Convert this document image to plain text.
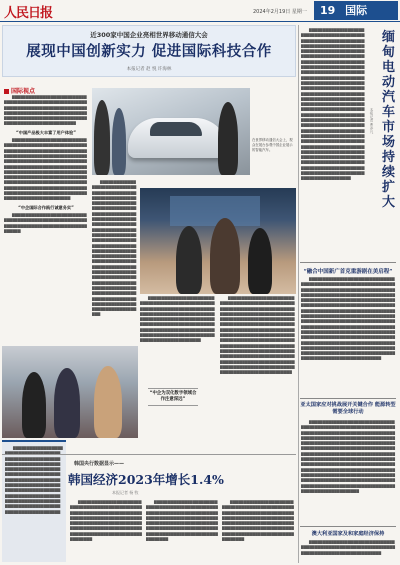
人民日报	2024年2月19日 星期一	19 国际
近300家中国企业亮相世界移动通信大会
展现中国创新实力 促进国际科技合作
本报记者 赵 悦 许海林
国际视点

▇▇▇▇▇▇▇▇▇▇▇▇▇▇▇▇▇▇▇▇▇▇▇▇▇▇▇▇▇▇▇▇▇▇▇▇▇▇▇▇▇▇▇▇▇▇▇▇▇▇▇▇▇▇▇▇▇▇▇▇▇▇▇▇▇▇▇▇▇▇▇▇▇▇▇▇▇▇▇▇▇▇▇▇▇▇▇▇▇▇▇▇▇▇▇▇▇▇▇▇▇▇▇▇▇▇▇▇▇▇▇▇▇▇▇▇▇▇▇▇▇▇▇▇▇▇▇▇▇▇▇▇▇▇▇▇▇▇▇▇▇▇▇▇▇▇▇▇▇▇▇▇▇▇▇▇▇▇▇▇▇▇▇▇▇▇▇▇▇▇▇▇▇

“中国产品极大丰富了用户体验”

▇▇▇▇▇▇▇▇▇▇▇▇▇▇▇▇▇▇▇▇▇▇▇▇▇▇▇▇▇▇▇▇▇▇▇▇▇▇▇▇▇▇▇▇▇▇▇▇▇▇▇▇▇▇▇▇▇▇▇▇▇▇▇▇▇▇▇▇▇▇▇▇▇▇▇▇▇▇▇▇▇▇▇▇▇▇▇▇▇▇▇▇▇▇▇▇▇▇▇▇▇▇▇▇▇▇▇▇▇▇▇▇▇▇▇▇▇▇▇▇▇▇▇▇▇▇▇▇▇▇▇▇▇▇▇▇▇▇▇▇▇▇▇▇▇▇▇▇▇▇▇▇▇▇▇▇▇▇▇▇▇▇▇▇▇▇▇▇▇▇▇▇▇▇▇▇▇▇▇▇▇▇▇▇▇▇▇▇▇▇▇▇▇▇▇▇▇▇▇▇▇▇▇▇▇▇▇▇▇▇▇▇▇▇▇▇▇▇▇▇▇▇▇▇▇▇▇▇▇▇▇▇▇▇▇▇▇▇▇▇▇▇▇▇▇▇▇▇▇▇▇▇▇▇▇▇▇▇▇▇▇▇▇▇▇▇▇▇▇▇▇▇▇▇▇▇▇▇▇▇▇▇▇▇▇▇▇▇▇▇▇▇▇▇▇▇▇▇▇▇▇▇▇▇▇▇▇▇▇▇▇▇▇▇▇▇▇▇▇▇▇▇▇▇▇▇▇▇▇▇▇▇▇▇▇▇▇▇▇▇▇▇▇▇▇▇▇▇▇▇▇

“中企国际合作践行诚意务实”

▇▇▇▇▇▇▇▇▇▇▇▇▇▇▇▇▇▇▇▇▇▇▇▇▇▇▇▇▇▇▇▇▇▇▇▇▇▇▇▇▇▇▇▇▇▇▇▇▇▇▇▇▇▇▇▇▇▇▇▇▇▇▇▇▇▇▇▇▇▇▇▇▇▇▇▇▇▇▇▇▇▇▇▇▇▇▇▇▇▇▇▇▇

在世界移动通信大会上，观众在展台参观中国企业展示的智能汽车。

▇▇▇▇▇▇▇▇▇▇▇▇▇▇▇▇▇▇▇▇▇▇▇▇▇▇▇▇▇▇▇▇▇▇▇▇▇▇▇▇▇▇▇▇▇▇▇▇▇▇▇▇▇▇▇▇▇▇▇▇▇▇▇▇▇▇▇▇▇▇▇▇▇▇▇▇▇▇▇▇▇▇▇▇▇▇▇▇▇▇▇▇▇▇▇▇▇▇▇▇▇▇▇▇▇▇▇▇▇▇▇▇▇▇▇▇▇▇▇▇▇▇▇▇▇▇▇▇▇▇▇▇▇▇▇▇▇▇▇▇▇▇▇▇▇▇▇▇▇▇▇▇▇▇▇▇▇▇▇▇▇▇▇▇▇▇▇▇▇▇▇▇▇▇▇▇▇▇▇▇▇▇▇▇▇▇▇▇▇▇▇▇▇▇▇▇▇▇▇▇▇▇▇▇▇▇▇▇▇▇▇▇▇▇▇▇▇▇▇▇▇▇▇▇▇▇▇▇▇▇▇▇▇▇▇▇▇▇▇▇▇▇▇▇▇▇▇▇▇▇▇▇▇▇▇▇▇▇▇▇▇▇▇▇▇▇▇▇▇▇▇▇▇▇▇▇▇▇▇▇▇▇▇▇▇▇▇▇▇▇▇▇▇▇▇▇▇▇▇▇▇▇▇▇▇▇▇▇▇▇▇▇▇▇▇▇▇▇▇▇▇▇▇▇▇▇▇▇▇▇▇▇▇▇▇▇▇▇▇▇▇▇▇▇▇▇▇▇▇▇▇▇▇▇▇▇▇▇▇▇▇▇▇▇▇▇▇▇▇▇▇▇▇▇▇▇▇▇▇▇▇▇▇▇▇▇▇▇▇▇▇▇▇▇▇▇▇▇▇▇

▇▇▇▇▇▇▇▇▇▇▇▇▇▇▇▇▇▇▇▇▇▇▇▇▇▇▇▇▇▇▇▇▇▇▇▇▇▇▇▇▇▇▇▇▇▇▇▇▇▇▇▇▇▇▇▇▇▇▇▇▇▇▇▇▇▇▇▇▇▇▇▇▇▇▇▇▇▇▇▇▇▇▇▇▇▇▇▇▇▇▇▇▇▇▇▇▇▇▇▇▇▇▇▇▇▇▇▇▇▇▇▇▇▇▇▇▇▇▇▇▇▇▇▇▇▇▇▇▇▇▇▇▇▇▇▇▇▇▇▇▇▇▇▇▇▇▇▇▇▇▇▇▇▇▇▇▇▇▇▇▇▇▇▇▇▇▇▇▇▇▇▇▇▇▇▇▇▇▇▇▇▇▇▇▇▇▇▇▇▇▇▇▇▇▇▇▇▇▇▇▇▇▇▇▇▇▇▇▇▇▇▇▇▇▇▇▇▇▇▇▇▇▇▇▇▇▇▇▇▇▇▇▇▇▇

▇▇▇▇▇▇▇▇▇▇▇▇▇▇▇▇▇▇▇▇▇▇▇▇▇▇▇▇▇▇▇▇▇▇▇▇▇▇▇▇▇▇▇▇▇▇▇▇▇▇▇▇▇▇▇▇▇▇▇▇▇▇▇▇▇▇▇▇▇▇▇▇▇▇▇▇▇▇▇▇▇▇▇▇▇▇▇▇▇▇▇▇▇▇▇▇▇▇▇▇▇▇▇▇▇▇▇▇▇▇▇▇▇▇▇▇▇▇▇▇▇▇▇▇▇▇▇▇▇▇▇▇▇▇▇▇▇▇▇▇▇▇▇▇▇▇▇▇▇▇▇▇▇▇▇▇▇▇▇▇▇▇▇▇▇▇▇▇▇▇▇▇▇▇▇▇▇▇▇▇▇▇▇▇▇▇▇▇▇▇▇▇▇▇▇▇▇▇▇▇▇▇▇▇▇▇▇▇▇▇▇▇▇▇▇▇▇▇▇▇▇▇▇▇▇▇▇▇▇▇▇▇▇▇▇▇▇▇▇▇▇▇▇▇▇▇▇▇▇▇▇▇▇▇▇▇▇▇▇▇▇▇▇▇▇▇▇▇▇▇▇▇▇▇▇▇▇▇▇▇▇▇▇▇▇▇▇▇▇▇▇▇▇▇▇▇▇▇▇▇▇▇▇▇▇▇▇▇▇▇▇▇▇▇▇▇▇▇▇▇▇▇▇▇▇▇▇▇▇▇▇▇▇▇▇▇▇▇▇▇▇▇▇▇▇▇▇▇▇▇▇▇▇▇▇▇▇▇▇▇▇▇▇▇▇▇▇▇▇▇▇▇▇▇▇▇▇▇▇▇▇▇▇▇▇▇▇▇▇▇▇▇▇▇▇▇▇▇▇▇▇

“中企为双化数字领域合作注意深远”

▇▇▇▇▇▇▇▇▇▇▇▇▇▇▇▇▇▇ ▇▇▇▇▇▇▇▇▇▇▇▇▇▇▇▇▇▇▇▇▇▇▇▇▇▇▇▇▇▇▇▇▇▇▇▇▇▇▇▇▇▇▇▇▇▇▇▇▇▇▇▇▇▇▇▇▇▇▇▇▇▇▇▇▇▇▇▇▇▇▇▇▇▇▇▇▇▇▇▇▇▇▇▇▇▇▇▇▇▇▇▇▇▇▇▇▇▇▇▇▇▇▇▇▇▇▇▇▇▇▇▇▇▇▇▇▇▇▇▇▇▇▇▇▇▇▇▇▇▇▇▇▇▇▇▇▇▇▇▇▇▇▇▇▇▇▇▇▇▇▇▇▇▇▇▇▇▇▇▇▇▇▇▇▇▇▇▇▇▇▇▇▇▇▇▇▇▇▇▇▇▇▇▇▇▇▇▇▇▇▇▇▇▇▇▇▇▇▇▇▇▇▇▇▇▇▇▇▇▇▇▇▇▇▇▇▇▇▇▇

韩国央行数据显示——
韩国经济2023年增长1.4%
本报记者 杨 牧

▇▇▇▇▇▇▇▇▇▇▇▇▇▇▇▇▇▇▇▇▇▇▇▇▇▇▇▇▇▇▇▇▇▇▇▇▇▇▇▇▇▇▇▇▇▇▇▇▇▇▇▇▇▇▇▇▇▇▇▇▇▇▇▇▇▇▇▇▇▇▇▇▇▇▇▇▇▇▇▇▇▇▇▇▇▇▇▇▇▇▇▇▇▇▇▇▇▇▇▇▇▇▇▇▇▇▇▇▇▇▇▇▇▇▇▇▇▇▇▇▇▇▇▇▇▇▇▇▇▇▇▇▇▇▇▇▇▇▇▇▇▇▇▇▇▇▇▇▇▇▇▇▇▇▇▇▇▇▇▇▇▇▇▇▇▇▇▇▇▇▇▇▇▇▇▇▇▇▇▇▇▇▇▇▇▇▇

▇▇▇▇▇▇▇▇▇▇▇▇▇▇▇▇▇▇▇▇▇▇▇▇▇▇▇▇▇▇▇▇▇▇▇▇▇▇▇▇▇▇▇▇▇▇▇▇▇▇▇▇▇▇▇▇▇▇▇▇▇▇▇▇▇▇▇▇▇▇▇▇▇▇▇▇▇▇▇▇▇▇▇▇▇▇▇▇▇▇▇▇▇▇▇▇▇▇▇▇▇▇▇▇▇▇▇▇▇▇▇▇▇▇▇▇▇▇▇▇▇▇▇▇▇▇▇▇▇▇▇▇▇▇▇▇▇▇▇▇▇▇▇▇▇▇▇▇▇▇▇▇▇▇▇▇▇▇▇▇▇▇▇▇▇▇▇▇▇▇▇▇▇▇▇▇▇▇▇▇▇▇▇▇▇▇▇

▇▇▇▇▇▇▇▇▇▇▇▇▇▇▇▇▇▇▇▇▇▇▇▇▇▇▇▇▇▇▇▇▇▇▇▇▇▇▇▇▇▇▇▇▇▇▇▇▇▇▇▇▇▇▇▇▇▇▇▇▇▇▇▇▇▇▇▇▇▇▇▇▇▇▇▇▇▇▇▇▇▇▇▇▇▇▇▇▇▇▇▇▇▇▇▇▇▇▇▇▇▇▇▇▇▇▇▇▇▇▇▇▇▇▇▇▇▇▇▇▇▇▇▇▇▇▇▇▇▇▇▇▇▇▇▇▇▇▇▇▇▇▇▇▇▇▇▇▇▇▇▇▇▇▇▇▇▇▇▇▇▇▇▇▇▇▇▇▇▇▇▇▇▇▇▇▇▇▇▇▇▇▇▇▇▇▇

缅甸电动汽车市场持续扩大
本报记者 曹亦凡

▇▇▇▇▇▇▇▇▇▇▇▇▇▇▇▇▇▇▇▇▇▇▇▇▇▇▇▇▇▇▇▇▇▇▇▇▇▇▇▇▇▇▇▇▇▇▇▇▇▇▇▇▇▇▇▇▇▇▇▇▇▇▇▇▇▇▇▇▇▇▇▇▇▇▇▇▇▇▇▇▇▇▇▇▇▇▇▇▇▇▇▇▇▇▇▇▇▇▇▇▇▇▇▇▇▇▇▇▇▇▇▇▇▇▇▇▇▇▇▇▇▇▇▇▇▇▇▇▇▇▇▇▇▇▇▇▇▇▇▇▇▇▇▇▇▇▇▇▇▇▇▇▇▇▇▇▇▇▇▇▇▇▇▇▇▇▇▇▇▇▇▇▇▇▇▇▇▇▇▇▇▇▇▇▇▇▇▇▇▇▇▇▇▇▇▇▇▇▇▇▇▇▇▇▇▇▇▇▇▇▇▇▇▇▇▇▇▇▇▇▇▇▇▇▇▇▇▇▇▇▇▇▇▇▇▇▇▇▇▇▇▇▇▇▇▇▇▇▇▇▇▇▇▇▇▇▇▇▇▇▇▇▇▇▇▇▇▇▇▇▇▇▇▇▇▇▇▇▇▇▇▇▇▇▇▇▇▇▇▇▇▇▇▇▇▇▇▇▇▇▇▇▇▇▇▇▇▇▇▇▇▇▇▇▇▇▇▇▇▇▇▇▇▇▇▇▇▇▇▇▇▇▇▇▇▇▇▇▇▇▇▇▇▇▇▇▇▇▇▇▇▇▇▇▇▇▇▇▇▇▇▇▇▇▇▇▇▇▇▇▇▇▇▇▇▇▇▇▇▇▇▇▇▇▇▇▇▇▇▇▇▇▇▇▇▇▇▇▇▇▇▇▇▇▇▇▇▇▇▇▇▇▇▇▇▇▇▇▇▇▇▇▇▇▇▇▇▇▇▇▇▇▇▇▇▇▇▇▇▇▇▇▇▇▇▇▇▇▇▇▇▇▇▇▇▇▇▇▇▇▇▇▇▇▇▇▇▇▇▇▇▇▇▇▇▇▇▇▇▇▇▇▇▇▇▇▇▇▇▇▇▇▇▇▇▇▇▇▇▇▇▇▇▇▇▇▇▇▇▇▇▇▇▇▇▇▇▇▇▇▇▇▇▇▇▇▇▇▇▇▇▇▇▇▇▇▇▇▇▇▇▇▇▇▇▇▇▇▇▇▇▇▇▇▇▇▇▇▇▇▇▇▇▇▇▇▇▇▇▇▇▇▇▇▇▇▇▇▇▇▇▇▇▇▇▇▇▇▇▇▇▇▇▇▇▇▇▇▇▇▇▇▇▇▇▇▇▇▇▇▇▇▇▇▇▇▇▇▇▇▇▇▇▇▇▇▇▇▇▇▇▇▇▇▇▇▇▇▇▇▇▇▇▇▇▇▇▇▇▇▇▇▇▇▇▇▇▇▇

“融合中国新广首克重游剧在美启程”

▇▇▇▇▇▇▇▇▇▇▇▇▇▇▇▇▇▇▇▇▇▇▇▇▇▇▇▇▇▇▇▇▇▇▇▇▇▇▇▇▇▇▇▇▇▇▇▇▇▇▇▇▇▇▇▇▇▇▇▇▇▇▇▇▇▇▇▇▇▇▇▇▇▇▇▇▇▇▇▇▇▇▇▇▇▇▇▇▇▇▇▇▇▇▇▇▇▇▇▇▇▇▇▇▇▇▇▇▇▇▇▇▇▇▇▇▇▇▇▇▇▇▇▇▇▇▇▇▇▇▇▇▇▇▇▇▇▇▇▇▇▇▇▇▇▇▇▇▇▇▇▇▇▇▇▇▇▇▇▇▇▇▇▇▇▇▇▇▇▇▇▇▇▇▇▇▇▇▇▇▇▇▇▇▇▇▇▇▇▇▇▇▇▇▇▇▇▇▇▇▇▇▇▇▇▇▇▇▇▇▇▇▇▇▇▇▇▇▇▇▇▇▇▇▇▇▇▇▇▇▇▇▇▇▇▇▇▇▇▇▇▇▇▇▇▇▇▇▇▇▇▇▇▇▇▇▇▇▇▇▇▇▇▇▇▇▇▇▇▇▇▇▇▇▇▇▇▇▇▇▇▇▇▇▇▇▇▇▇▇▇▇▇▇▇▇▇▇▇▇▇▇▇▇▇▇▇▇▇▇▇▇▇▇▇▇▇▇▇▇▇▇▇▇▇▇▇▇▇▇▇▇▇▇▇▇▇▇▇▇▇▇▇▇▇▇▇▇▇▇▇▇▇▇▇▇▇▇▇▇▇▇▇▇▇▇▇▇▇▇▇▇▇▇▇▇▇▇▇▇▇▇▇▇▇▇▇▇▇▇▇▇▇▇▇▇▇▇▇▇▇▇▇▇▇▇▇▇▇▇▇▇▇▇▇▇▇▇▇▇▇▇▇▇▇▇▇▇▇▇▇▇▇▇▇▇▇▇▇▇▇▇▇▇▇▇▇▇▇▇▇▇▇▇▇▇▇▇▇▇▇▇▇▇▇▇▇▇▇▇▇▇▇▇▇▇▇▇▇▇▇▇▇▇▇▇▇▇▇▇▇▇▇▇▇▇▇▇▇▇▇▇▇▇▇▇▇▇▇▇▇▇▇▇▇▇▇▇▇▇▇▇▇▇▇▇▇▇▇▇▇▇▇▇▇▇

亚太国家应对挑战展开关键合作 能源转型需要全球行动

▇▇▇▇▇▇▇▇▇▇▇▇▇▇▇▇▇▇▇▇▇▇▇▇▇▇▇▇▇▇▇▇▇▇▇▇▇▇▇▇▇▇▇▇▇▇▇▇▇▇▇▇▇▇▇▇▇▇▇▇▇▇▇▇▇▇▇▇▇▇▇▇▇▇▇▇▇▇▇▇▇▇▇▇▇▇▇▇▇▇▇▇▇▇▇▇▇▇▇▇▇▇▇▇▇▇▇▇▇▇▇▇▇▇▇▇▇▇▇▇▇▇▇▇▇▇▇▇▇▇▇▇▇▇▇▇▇▇▇▇▇▇▇▇▇▇▇▇▇▇▇▇▇▇▇▇▇▇▇▇▇▇▇▇▇▇▇▇▇▇▇▇▇▇▇▇▇▇▇▇▇▇▇▇▇▇▇▇▇▇▇▇▇▇▇▇▇▇▇▇▇▇▇▇▇▇▇▇▇▇▇▇▇▇▇▇▇▇▇▇▇▇▇▇▇▇▇▇▇▇▇▇▇▇▇▇▇▇▇▇▇▇▇▇▇▇▇▇▇▇▇▇▇▇▇▇▇▇▇▇▇▇▇▇▇▇▇▇▇▇▇▇▇▇▇▇▇▇▇▇▇▇▇▇▇▇▇▇▇▇▇▇▇▇▇▇▇▇▇▇▇▇▇▇▇▇▇▇▇▇▇▇▇▇▇▇▇▇▇▇▇▇▇▇▇▇▇▇▇▇▇▇▇▇▇▇▇▇▇▇▇▇▇▇▇▇▇▇▇▇▇▇▇▇▇▇▇▇▇▇▇▇▇▇▇▇▇▇▇▇▇▇▇▇▇▇▇▇▇▇▇▇▇▇▇▇▇▇▇▇▇▇▇▇▇▇▇▇▇▇▇▇▇▇▇▇▇▇▇▇▇▇▇▇▇▇▇▇▇▇▇▇▇▇▇▇▇▇▇▇▇▇▇▇▇▇▇▇▇▇▇▇▇▇▇▇▇▇▇▇▇▇▇▇▇▇▇▇▇▇

澳大利亚国家及和家庭经济保持

▇▇▇▇▇▇▇▇▇▇▇▇▇▇▇▇▇▇▇▇▇▇▇▇▇▇▇▇▇▇▇▇▇▇▇▇▇▇▇▇▇▇▇▇▇▇▇▇▇▇▇▇▇▇▇▇▇▇▇▇▇▇▇▇▇▇▇▇▇▇▇▇▇▇▇▇▇▇▇▇▇▇▇▇▇▇▇▇▇▇▇▇▇▇
